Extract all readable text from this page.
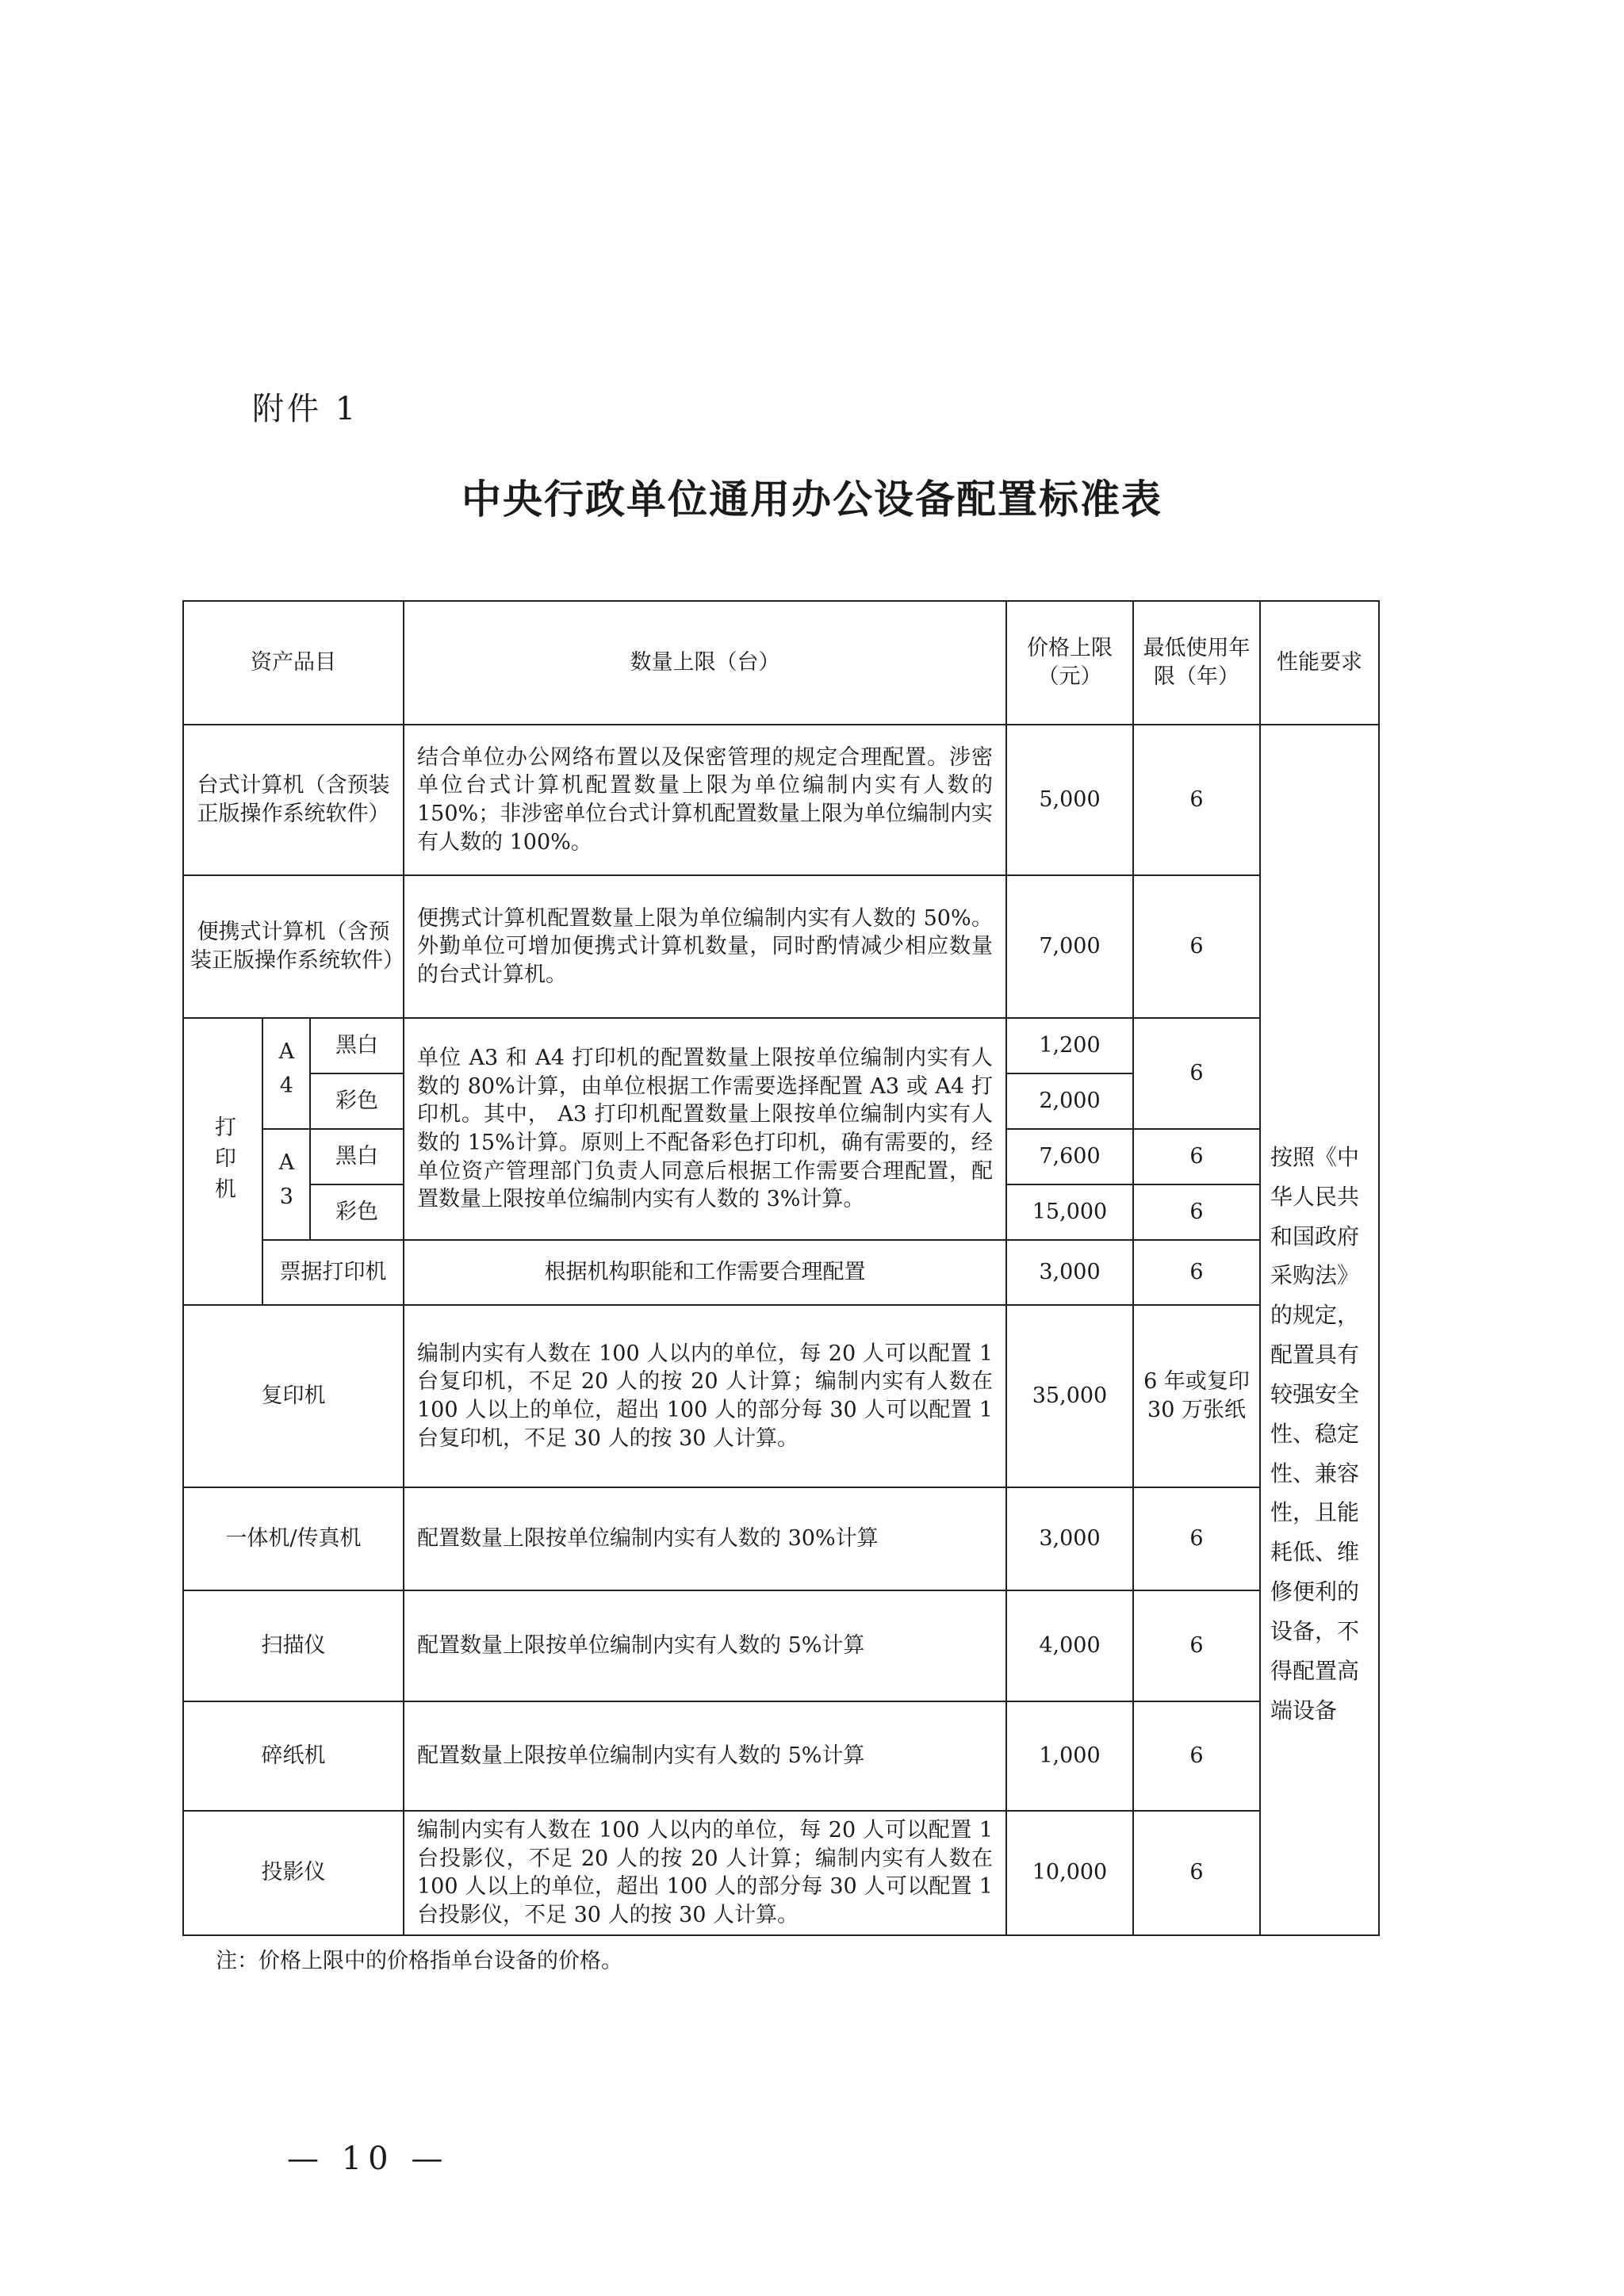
附件 1
中央行政单位通用办公设备配置标准表
资产品目			数量上限（台）	价格上限（元）	最低使用年限（年）	性能要求
台式计算机（含预装正版操作系统软件）			结合单位办公网络布置以及保密管理的规定合理配置。涉密单位台式计算机配置数量上限为单位编制内实有人数的 150%；非涉密单位台式计算机配置数量上限为单位编制内实有人数的 100%。	5,000	6	按照《中华人民共和国政府采购法》的规定，配置具有较强安全性、稳定性、兼容性，且能耗低、维修便利的设备，不得配置高端设备

便携式计算机（含预装正版操作系统软件）			便携式计算机配置数量上限为单位编制内实有人数的 50%。外勤单位可增加便携式计算机数量，同时酌情减少相应数量的台式计算机。	7,000	6	

打印机	A4	黑白	单位 A3 和 A4 打印机的配置数量上限按单位编制内实有人数的 80%计算，由单位根据工作需要选择配置 A3 或 A4 打印机。其中， A3 打印机配置数量上限按单位编制内实有人数的 15%计算。原则上不配备彩色打印机，确有需要的，经单位资产管理部门负责人同意后根据工作需要合理配置，配置数量上限按单位编制内实有人数的 3%计算。	1,200	6	
		彩色		2,000		

	A3	黑白		7,600	6	
		彩色		15,000	6	
	票据打印机		根据机构职能和工作需要合理配置	3,000	6	
复印机			编制内实有人数在 100 人以内的单位，每 20 人可以配置 1 台复印机，不足 20 人的按 20 人计算；编制内实有人数在 100 人以上的单位，超出 100 人的部分每 30 人可以配置 1 台复印机，不足 30 人的按 30 人计算。	35,000	6 年或复印 30 万张纸	
一体机/传真机			配置数量上限按单位编制内实有人数的 30%计算	3,000	6	
扫描仪			配置数量上限按单位编制内实有人数的 5%计算	4,000	6	
碎纸机			配置数量上限按单位编制内实有人数的 5%计算	1,000	6	
投影仪			编制内实有人数在 100 人以内的单位，每 20 人可以配置 1 台投影仪，不足 20 人的按 20 人计算；编制内实有人数在 100 人以上的单位，超出 100 人的部分每 30 人可以配置 1 台投影仪，不足 30 人的按 30 人计算。	10,000	6	
注：价格上限中的价格指单台设备的价格。
— 10 —
